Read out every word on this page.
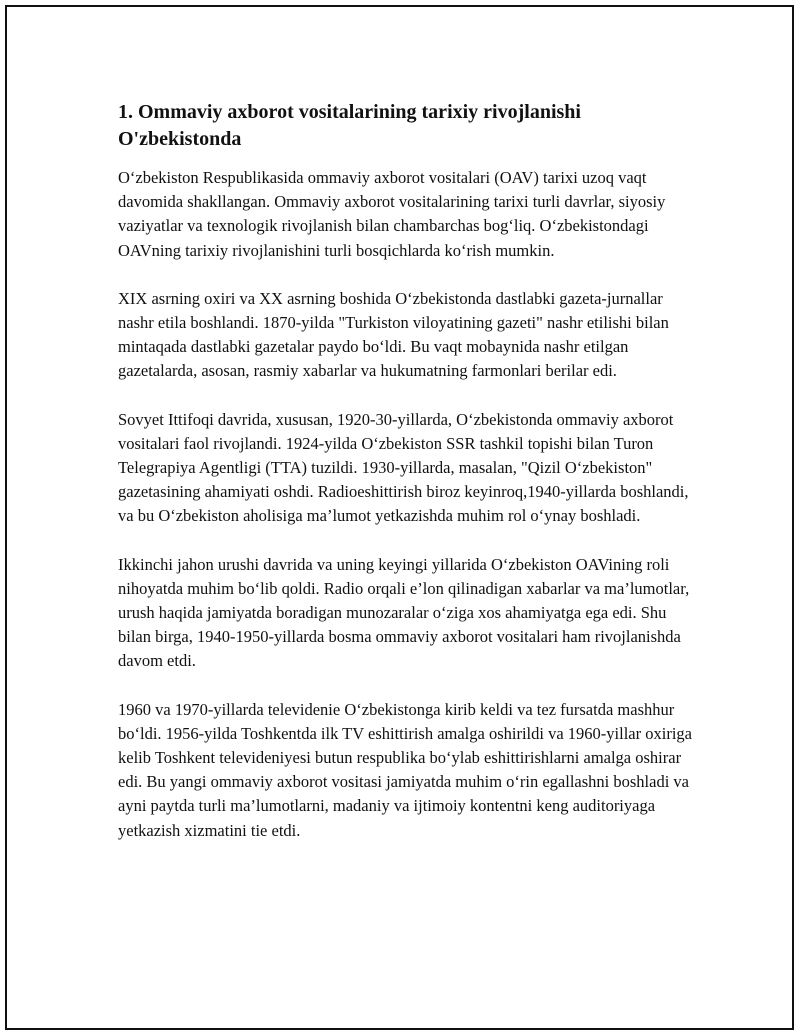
1. Ommaviy axborot vositalarining tarixiy rivojlanishi O'zbekistonda

O‘zbekiston Respublikasida ommaviy axborot vositalari (OAV) tarixi uzoq vaqt davomida shakllangan. Ommaviy axborot vositalarining tarixi turli davrlar, siyosiy vaziyatlar va texnologik rivojlanish bilan chambarchas bog‘liq. O‘zbekistondagi OAVning tarixiy rivojlanishini turli bosqichlarda ko‘rish mumkin.

XIX asrning oxiri va XX asrning boshida O‘zbekistonda dastlabki gazeta-jurnallar nashr etila boshlandi. 1870-yilda "Turkiston viloyatining gazeti" nashr etilishi bilan mintaqada dastlabki gazetalar paydo bo‘ldi. Bu vaqt mobaynida nashr etilgan gazetalarda, asosan, rasmiy xabarlar va hukumatning farmonlari berilar edi.

Sovyet Ittifoqi davrida, xususan, 1920-30-yillarda, O‘zbekistonda ommaviy axborot vositalari faol rivojlandi. 1924-yilda O‘zbekiston SSR tashkil topishi bilan Turon Telegrapiya Agentligi (TTA) tuzildi. 1930-yillarda, masalan, "Qizil O‘zbekiston" gazetasining ahamiyati oshdi. Radioeshittirish biroz keyinroq,1940-yillarda boshlandi, va bu O‘zbekiston aholisiga ma’lumot yetkazishda muhim rol o‘ynay boshladi.

Ikkinchi jahon urushi davrida va uning keyingi yillarida O‘zbekiston OAVining roli nihoyatda muhim bo‘lib qoldi. Radio orqali e’lon qilinadigan xabarlar va ma’lumotlar, urush haqida jamiyatda boradigan munozaralar o‘ziga xos ahamiyatga ega edi. Shu bilan birga, 1940-1950-yillarda bosma ommaviy axborot vositalari ham rivojlanishda davom etdi.

1960 va 1970-yillarda televidenie O‘zbekistonga kirib keldi va tez fursatda mashhur bo‘ldi. 1956-yilda Toshkentda ilk TV eshittirish amalga oshirildi va 1960-yillar oxiriga kelib Toshkent televideniyesi butun respublika bo‘ylab eshittirishlarni amalga oshirar edi. Bu yangi ommaviy axborot vositasi jamiyatda muhim o‘rin egallashni boshladi va ayni paytda turli ma’lumotlarni, madaniy va ijtimoiy kontentni keng auditoriyaga yetkazish xizmatini tie etdi.
